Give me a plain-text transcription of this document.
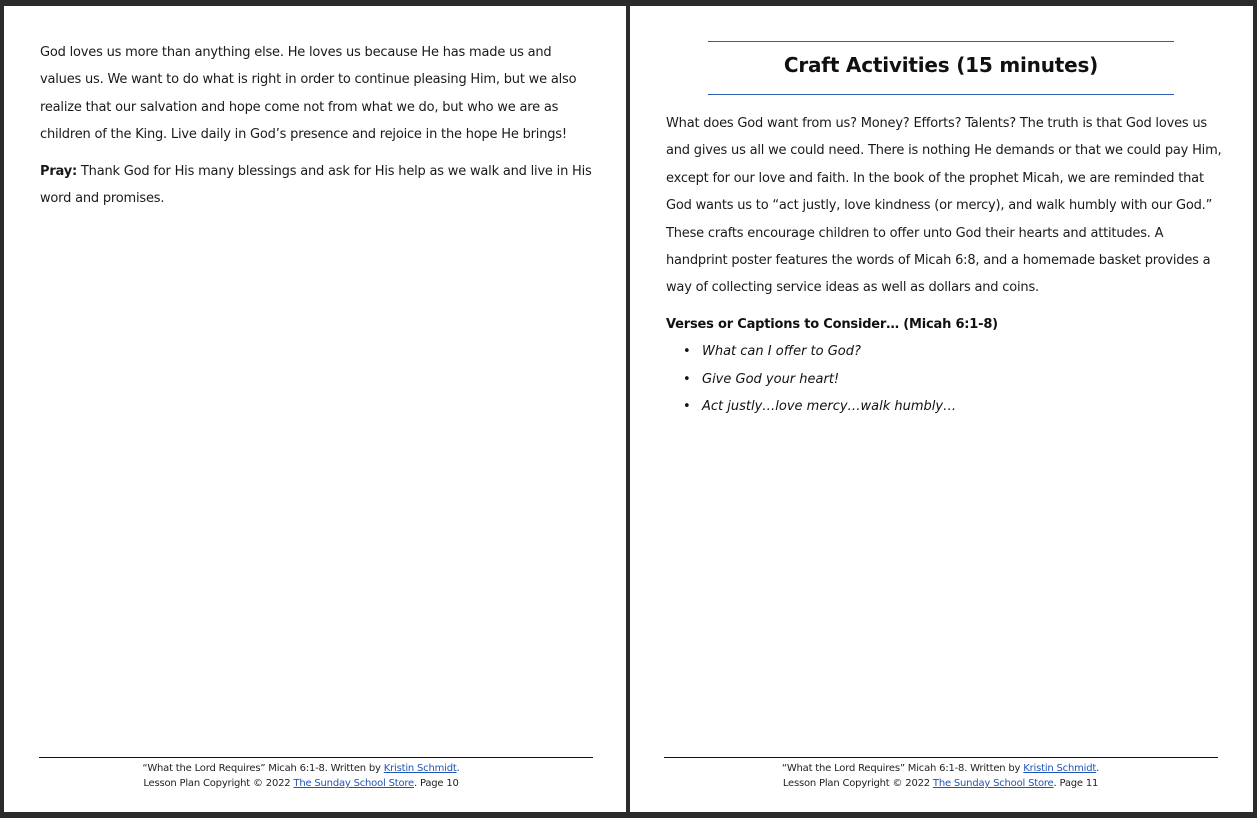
God loves us more than anything else. He loves us because He has made us and values us. We want to do what is right in order to continue pleasing Him, but we also realize that our salvation and hope come not from what we do, but who we are as children of the King. Live daily in God’s presence and rejoice in the hope He brings!

Pray: Thank God for His many blessings and ask for His help as we walk and live in His word and promises.

“What the Lord Requires” Micah 6:1-8. Written by Kristin Schmidt.
Lesson Plan Copyright © 2022 The Sunday School Store. Page 10
Craft Activities (15 minutes)

What does God want from us? Money? Efforts? Talents? The truth is that God loves us and gives us all we could need. There is nothing He demands or that we could pay Him, except for our love and faith. In the book of the prophet Micah, we are reminded that God wants us to “act justly, love kindness (or mercy), and walk humbly with our God.” These crafts encourage children to offer unto God their hearts and attitudes. A handprint poster features the words of Micah 6:8, and a homemade basket provides a way of collecting service ideas as well as dollars and coins.

Verses or Captions to Consider… (Micah 6:1-8)

• What can I offer to God?
• Give God your heart!
• Act justly…love mercy…walk humbly…
“What the Lord Requires” Micah 6:1-8. Written by Kristin Schmidt.
Lesson Plan Copyright © 2022 The Sunday School Store. Page 11
